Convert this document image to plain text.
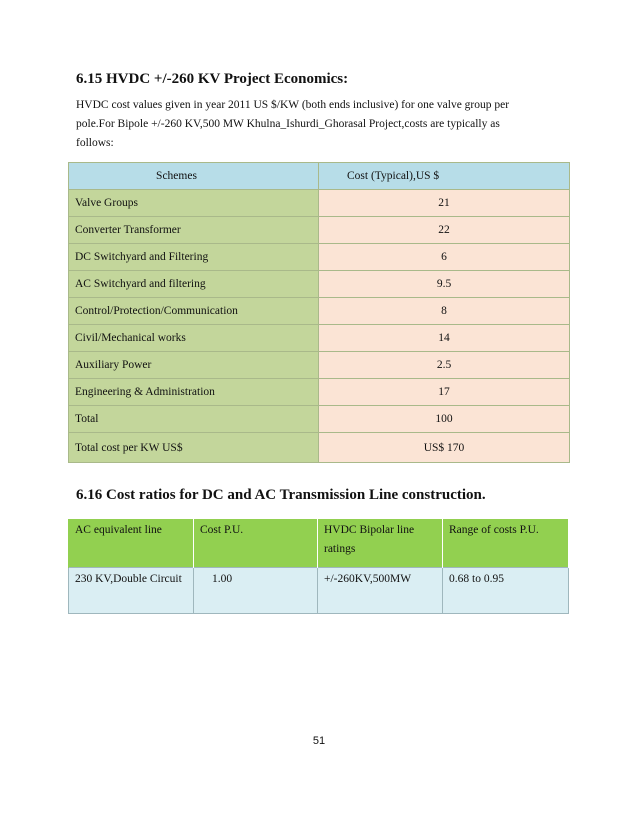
6.15 HVDC +/-260 KV Project Economics:
HVDC cost values given in year 2011 US $/KW (both ends inclusive) for one valve group per
pole.For Bipole +/-260 KV,500 MW Khulna_Ishurdi_Ghorasal Project,costs are typically as
follows:
Schemes	Cost (Typical),US $
Valve Groups	21
Converter Transformer	22
DC Switchyard and Filtering	6
AC Switchyard and filtering	9.5
Control/Protection/Communication	8
Civil/Mechanical works	14
Auxiliary Power	2.5
Engineering & Administration	17
Total	100
Total cost per KW US$	US$ 170
6.16 Cost ratios for DC and AC Transmission Line construction.
AC equivalent line	Cost P.U.	HVDC Bipolar line ratings	Range of costs P.U.
230 KV,Double Circuit	1.00	+/-260KV,500MW	0.68 to 0.95
51
